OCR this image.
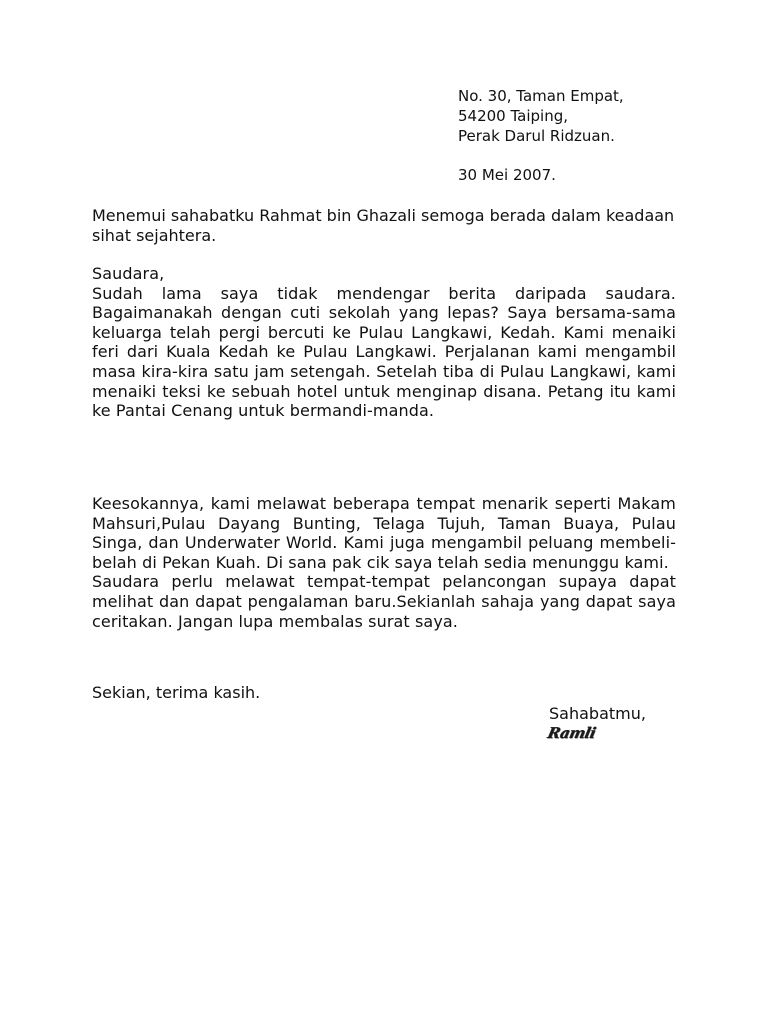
No. 30, Taman Empat,
54200 Taiping,
Perak Darul Ridzuan.
30 Mei 2007.
Menemui sahabatku Rahmat bin Ghazali semoga berada dalam keadaan sihat sejahtera.
Saudara,
Sudah lama saya tidak mendengar berita daripada saudara. Bagaimanakah dengan cuti sekolah yang lepas? Saya bersama-sama keluarga telah pergi bercuti ke Pulau Langkawi, Kedah. Kami menaiki feri dari Kuala Kedah ke Pulau Langkawi. Perjalanan kami mengambil masa kira-kira satu jam setengah. Setelah tiba di Pulau Langkawi, kami menaiki teksi ke sebuah hotel untuk menginap disana. Petang itu kami ke Pantai Cenang untuk bermandi-manda.
Keesokannya, kami melawat beberapa tempat menarik seperti Makam Mahsuri,Pulau Dayang Bunting, Telaga Tujuh, Taman Buaya, Pulau Singa, dan Underwater World. Kami juga mengambil peluang membeli-belah di Pekan Kuah. Di sana pak cik saya telah sedia menunggu kami.
Saudara perlu melawat tempat-tempat pelancongan supaya dapat melihat dan dapat pengalaman baru.Sekianlah sahaja yang dapat saya ceritakan. Jangan lupa membalas surat saya.
Sekian, terima kasih.
Sahabatmu,
Ramli
